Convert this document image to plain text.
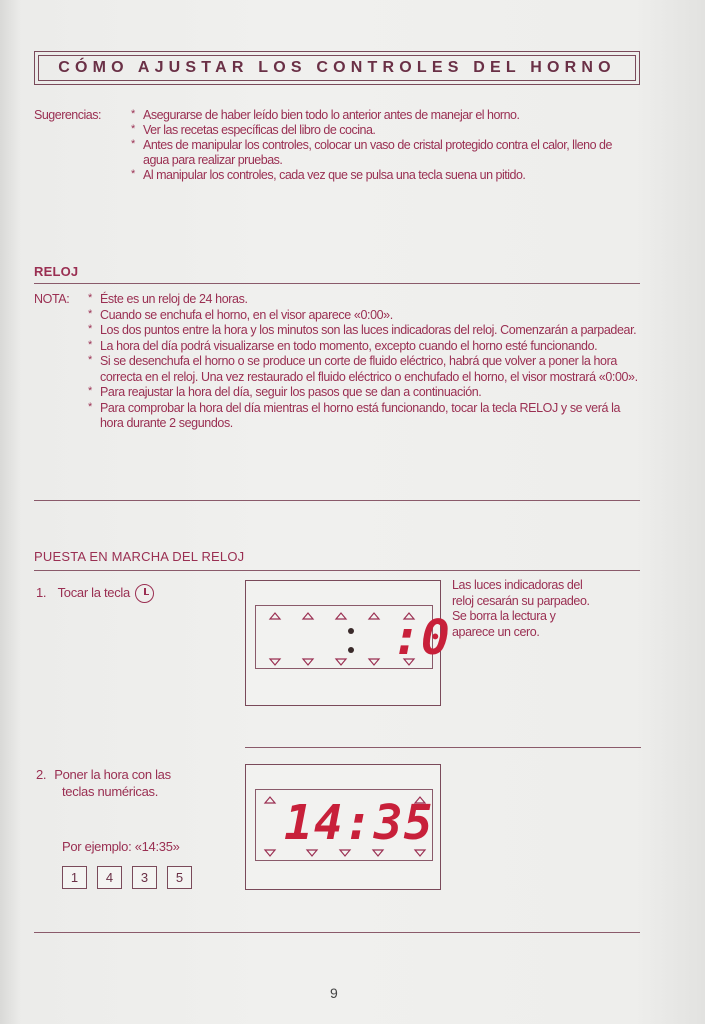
CÓMO AJUSTAR LOS CONTROLES DEL HORNO
Sugerencias:	* Asegurarse de haber leído bien todo lo anterior antes de manejar el horno.
* Ver las recetas específicas del libro de cocina.
* Antes de manipular los controles, colocar un vaso de cristal protegido contra el calor, lleno de agua para realizar pruebas.
* Al manipular los controles, cada vez que se pulsa una tecla suena un pitido.
RELOJ
NOTA: * Éste es un reloj de 24 horas.
* Cuando se enchufa el horno, en el visor aparece «0:00».
* Los dos puntos entre la hora y los minutos son las luces indicadoras del reloj. Comenzarán a parpadear.
* La hora del día podrá visualizarse en todo momento, excepto cuando el horno esté funcionando.
* Si se desenchufa el horno o se produce un corte de fluido eléctrico, habrá que volver a poner la hora correcta en el reloj. Una vez restaurado el fluido eléctrico o enchufado el horno, el visor mostrará «0:00».
* Para reajustar la hora del día, seguir los pasos que se dan a continuación.
* Para comprobar la hora del día mientras el horno está funcionando, tocar la tecla RELOJ y se verá la hora durante 2 segundos.
PUESTA EN MARCHA DEL RELOJ
1. Tocar la tecla
:0
Las luces indicadoras del
reloj cesarán su parpadeo.
Se borra la lectura y
aparece un cero.
2. Poner la hora con las
teclas numéricas.
Por ejemplo: «14:35»
1	4	3	5
14:35
9
